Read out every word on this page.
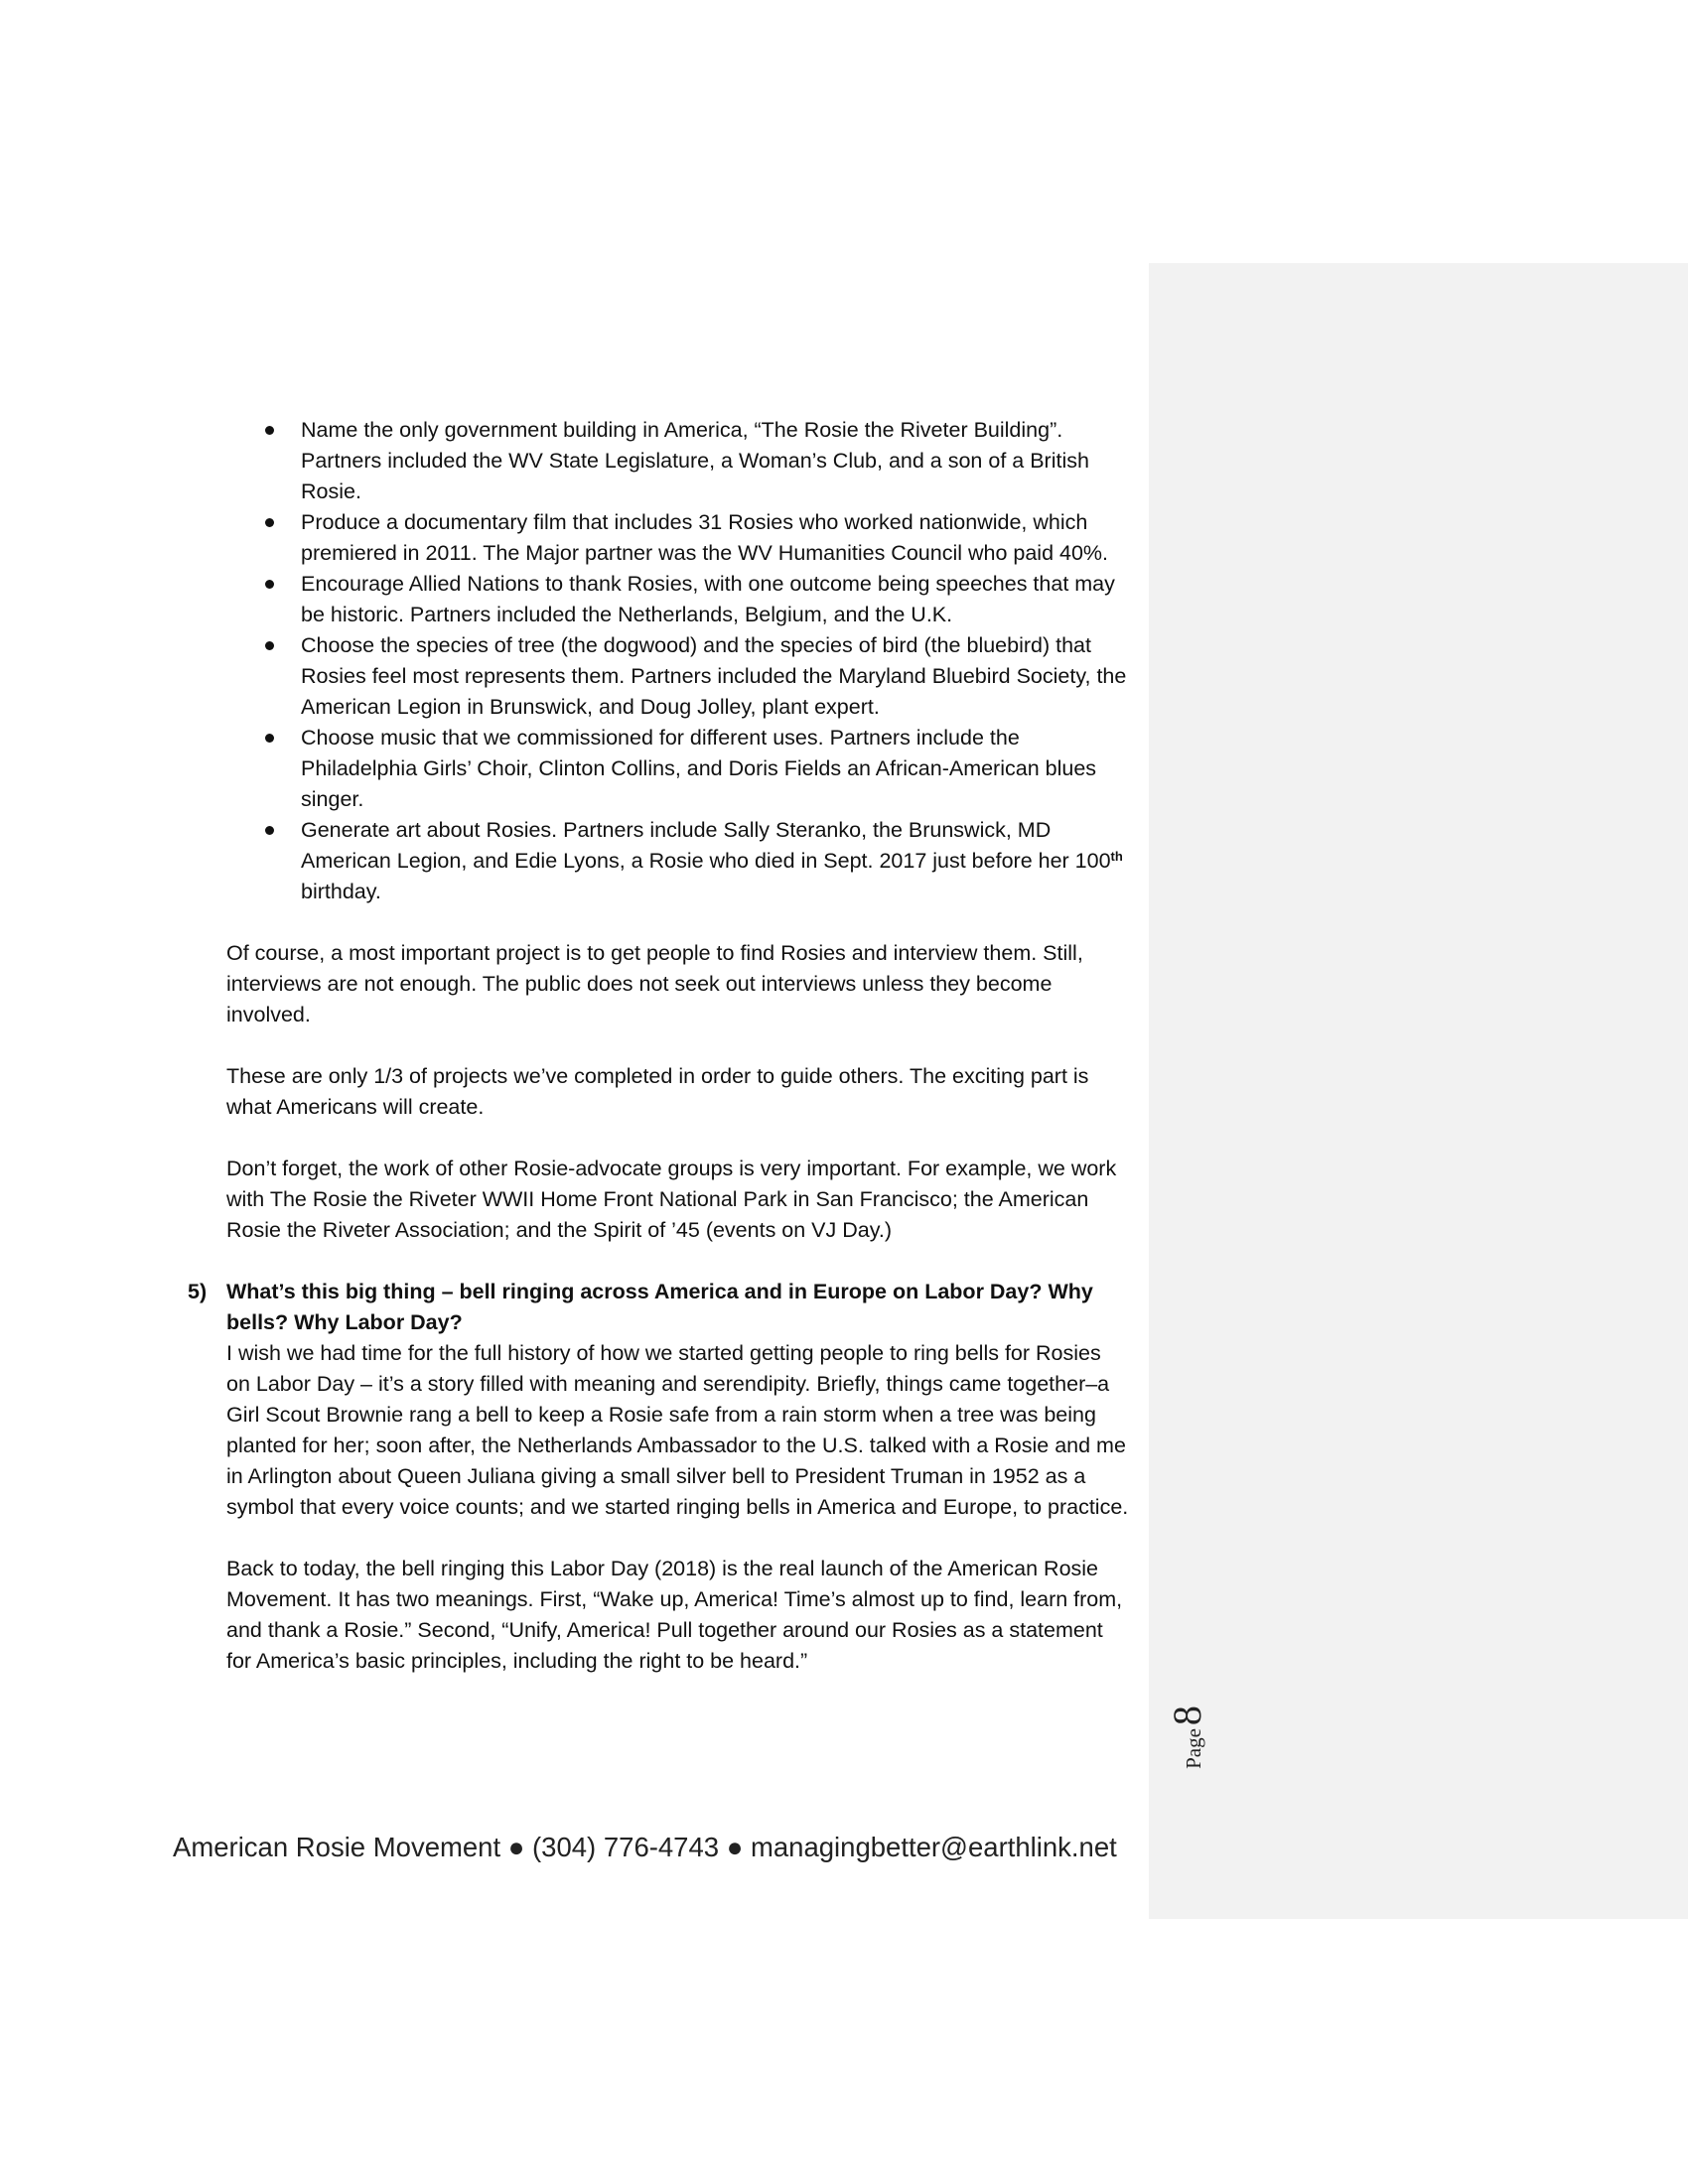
Name the only government building in America, “The Rosie the Riveter Building”. Partners included the WV State Legislature, a Woman’s Club, and a son of a British Rosie.
Produce a documentary film that includes 31 Rosies who worked nationwide, which premiered in 2011. The Major partner was the WV Humanities Council who paid 40%.
Encourage Allied Nations to thank Rosies, with one outcome being speeches that may be historic. Partners included the Netherlands, Belgium, and the U.K.
Choose the species of tree (the dogwood) and the species of bird (the bluebird) that Rosies feel most represents them. Partners included the Maryland Bluebird Society, the American Legion in Brunswick, and Doug Jolley, plant expert.
Choose music that we commissioned for different uses. Partners include the Philadelphia Girls’ Choir, Clinton Collins, and Doris Fields an African-American blues singer.
Generate art about Rosies. Partners include Sally Steranko, the Brunswick, MD American Legion, and Edie Lyons, a Rosie who died in Sept. 2017 just before her 100th birthday.

Of course, a most important project is to get people to find Rosies and interview them. Still, interviews are not enough. The public does not seek out interviews unless they become involved.

These are only 1/3 of projects we’ve completed in order to guide others. The exciting part is what Americans will create.

Don’t forget, the work of other Rosie-advocate groups is very important. For example, we work with The Rosie the Riveter WWII Home Front National Park in San Francisco; the American Rosie the Riveter Association; and the Spirit of ’45 (events on VJ Day.)

5) What’s this big thing – bell ringing across America and in Europe on Labor Day? Why bells? Why Labor Day?

I wish we had time for the full history of how we started getting people to ring bells for Rosies on Labor Day – it’s a story filled with meaning and serendipity. Briefly, things came together–a Girl Scout Brownie rang a bell to keep a Rosie safe from a rain storm when a tree was being planted for her; soon after, the Netherlands Ambassador to the U.S. talked with a Rosie and me in Arlington about Queen Juliana giving a small silver bell to President Truman in 1952 as a symbol that every voice counts; and we started ringing bells in America and Europe, to practice.

Back to today, the bell ringing this Labor Day (2018) is the real launch of the American Rosie Movement. It has two meanings. First, “Wake up, America! Time’s almost up to find, learn from, and thank a Rosie.” Second, “Unify, America! Pull together around our Rosies as a statement for America’s basic principles, including the right to be heard.”

American Rosie Movement ● (304) 776-4743 ● managingbetter@earthlink.net
Page
8
